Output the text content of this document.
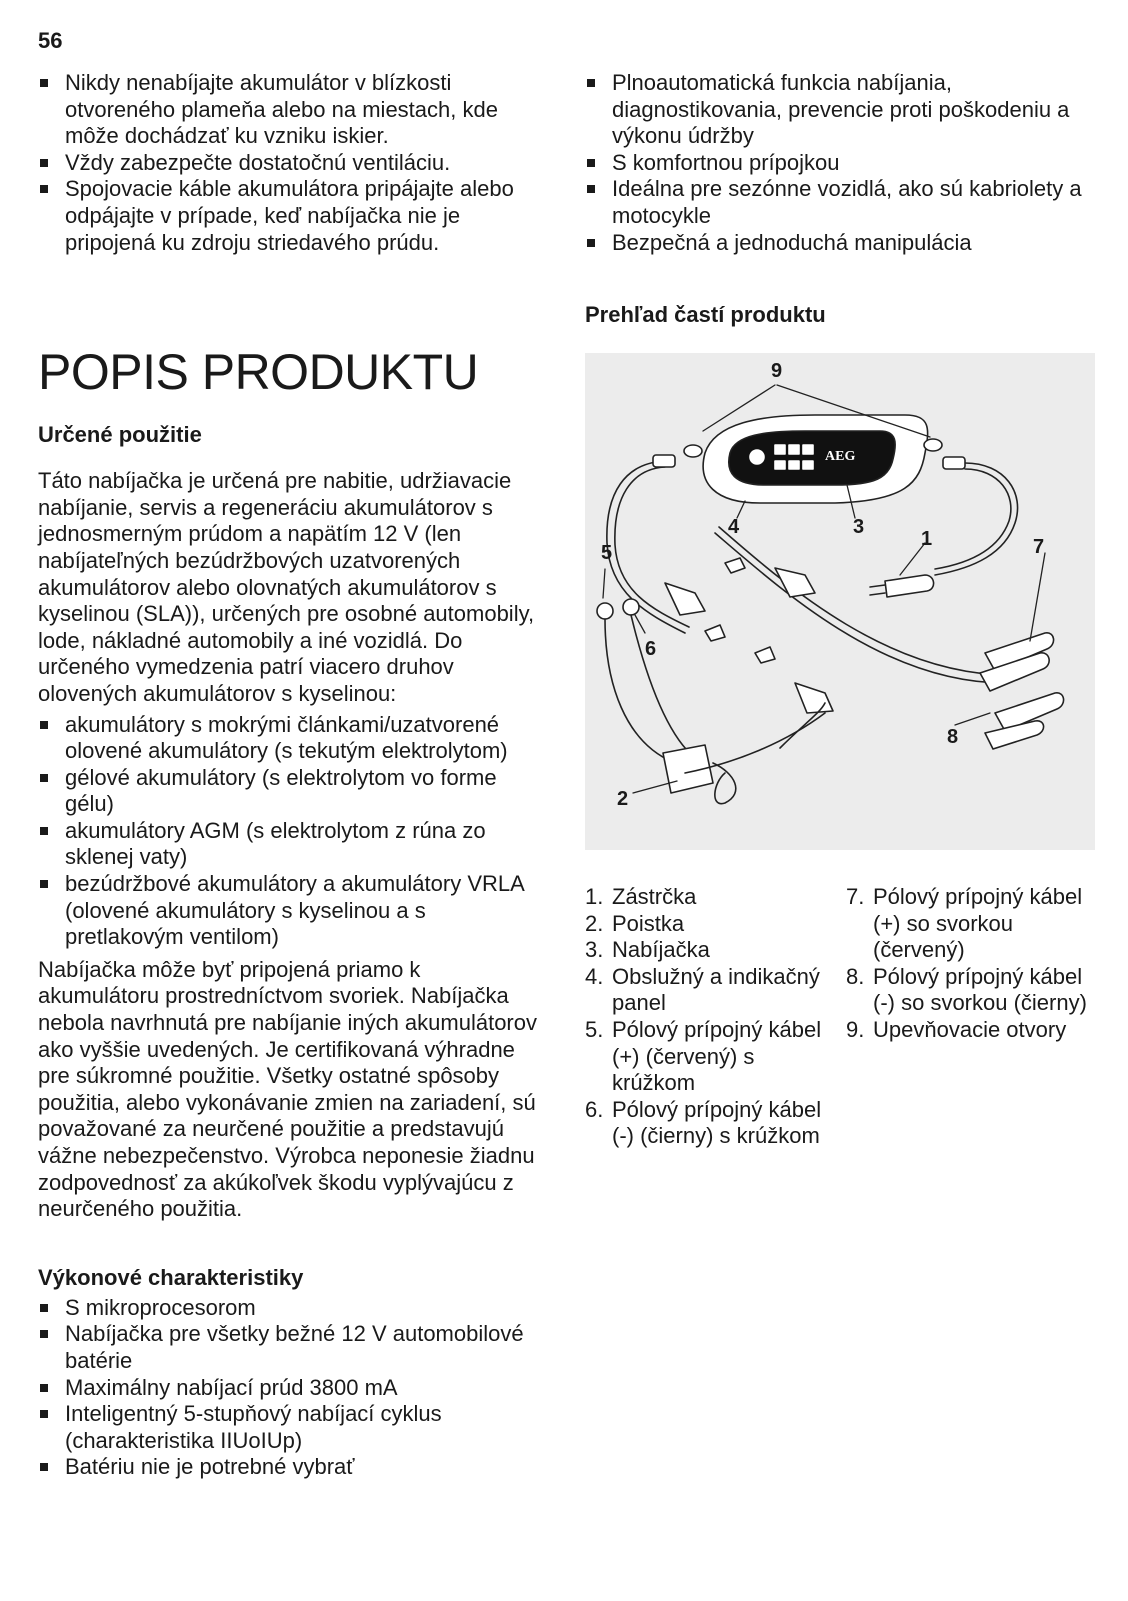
56
Nikdy nenabíjajte akumulátor v blízkosti otvoreného plameňa alebo na miestach, kde môže dochádzať ku vzniku iskier.
Vždy zabezpečte dostatočnú ventiláciu.
Spojovacie káble akumulátora pripájajte alebo odpájajte v prípade, keď nabíjačka nie je pripojená ku zdroju striedavého prúdu.
POPIS PRODUKTU
Určené použitie

Táto nabíjačka je určená pre nabitie, udržiavacie nabíjanie, servis a regeneráciu akumulátorov s jednosmerným prúdom a napätím 12 V (len nabíjateľných bezúdržbových uzatvorených akumulátorov alebo olovnatých akumulátorov s kyselinou (SLA)), určených pre osobné automobily, lode, nákladné automobily a iné vozidlá. Do určeného vymedzenia patrí viacero druhov olovených akumulátorov s kyselinou:

akumulátory s mokrými článkami/uzatvorené olovené akumulátory (s tekutým elektrolytom)
gélové akumulátory (s elektrolytom vo forme gélu)
akumulátory AGM (s elektrolytom z rúna zo sklenej vaty)
bezúdržbové akumulátory a akumulátory VRLA (olovené akumulátory s kyselinou a s pretlakovým ventilom)

Nabíjačka môže byť pripojená priamo k akumulátoru prostredníctvom svoriek. Nabíjačka nebola navrhnutá pre nabíjanie iných akumulátorov ako vyššie uvedených. Je certifikovaná výhradne pre súkromné použitie. Všetky ostatné spôsoby použitia, alebo vykonávanie zmien na zariadení, sú považované za neurčené použitie a predstavujú vážne nebezpečenstvo. Výrobca neponesie žiadnu zodpovednosť za akúkoľvek škodu vyplývajúcu z neurčeného použitia.

Výkonové charakteristiky
S mikroprocesorom
Nabíjačka pre všetky bežné 12 V automobilové batérie
Maximálny nabíjací prúd 3800 mA
Inteligentný 5-stupňový nabíjací cyklus (charakteristika IIUoIUp)
Batériu nie je potrebné vybrať
Plnoautomatická funkcia nabíjania, diagnostikovania, prevencie proti poškodeniu a výkonu údržby
S komfortnou prípojkou
Ideálna pre sezónne vozidlá, ako sú kabriolety a motocykle
Bezpečná a jednoduchá manipulácia
Prehľad častí produktu
AEG
9
4	3
1	7
8
5
6
2
1. Zástrčka
2. Poistka
3. Nabíjačka
4. Obslužný a indikačný panel
5. Pólový prípojný kábel (+) (červený) s krúžkom
6. Pólový prípojný kábel (-) (čierny) s krúžkom
7. Pólový prípojný kábel (+) so svorkou (červený)
8. Pólový prípojný kábel (-) so svorkou (čierny)
9. Upevňovacie otvory
